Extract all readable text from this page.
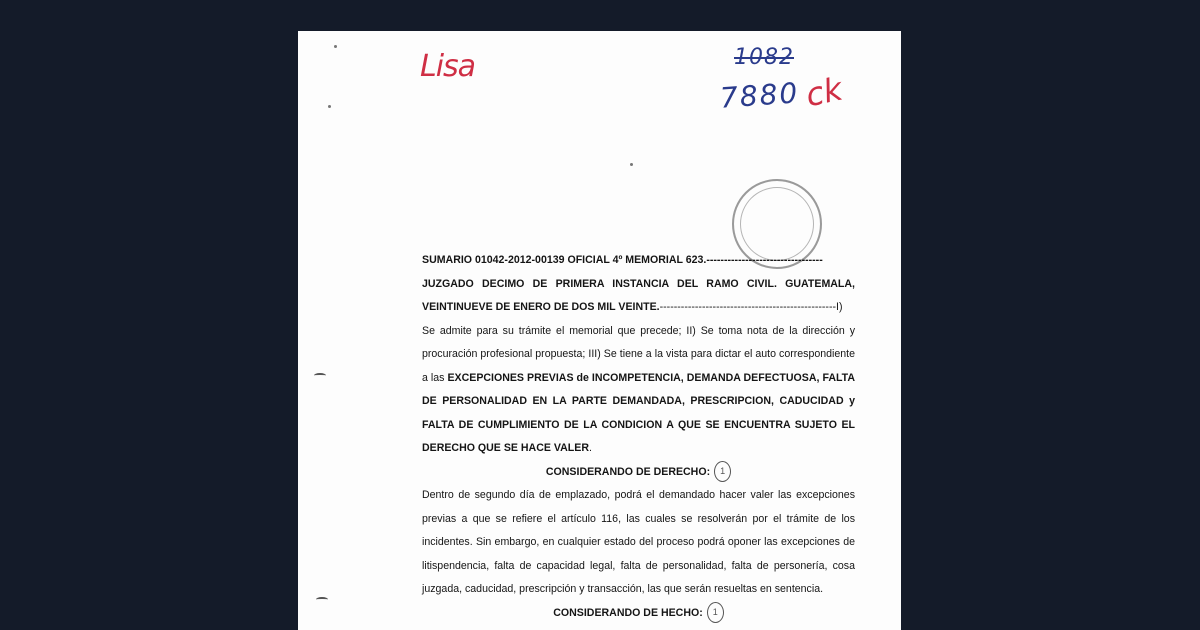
Lisa	1082
7880 ck

SUMARIO 01042-2012-00139 OFICIAL 4º MEMORIAL 623.---------------------------------

JUZGADO DECIMO DE PRIMERA INSTANCIA DEL RAMO CIVIL. GUATEMALA, VEINTINUEVE DE ENERO DE DOS MIL VEINTE.--------------------------------------------------I)

Se admite para su trámite el memorial que precede; II) Se toma nota de la dirección y procuración profesional propuesta; III) Se tiene a la vista para dictar el auto correspondiente a las EXCEPCIONES PREVIAS de INCOMPETENCIA, DEMANDA DEFECTUOSA, FALTA DE PERSONALIDAD EN LA PARTE DEMANDADA, PRESCRIPCION, CADUCIDAD y FALTA DE CUMPLIMIENTO DE LA CONDICION A QUE SE ENCUENTRA SUJETO EL DERECHO QUE SE HACE VALER.

CONSIDERANDO DE DERECHO: 1

Dentro de segundo día de emplazado, podrá el demandado hacer valer las excepciones previas a que se refiere el artículo 116, las cuales se resolverán por el trámite de los incidentes. Sin embargo, en cualquier estado del proceso podrá oponer las excepciones de litispendencia, falta de capacidad legal, falta de personalidad, falta de personería, cosa juzgada, caducidad, prescripción y transacción, las que serán resueltas en sentencia.

CONSIDERANDO DE HECHO: 1
